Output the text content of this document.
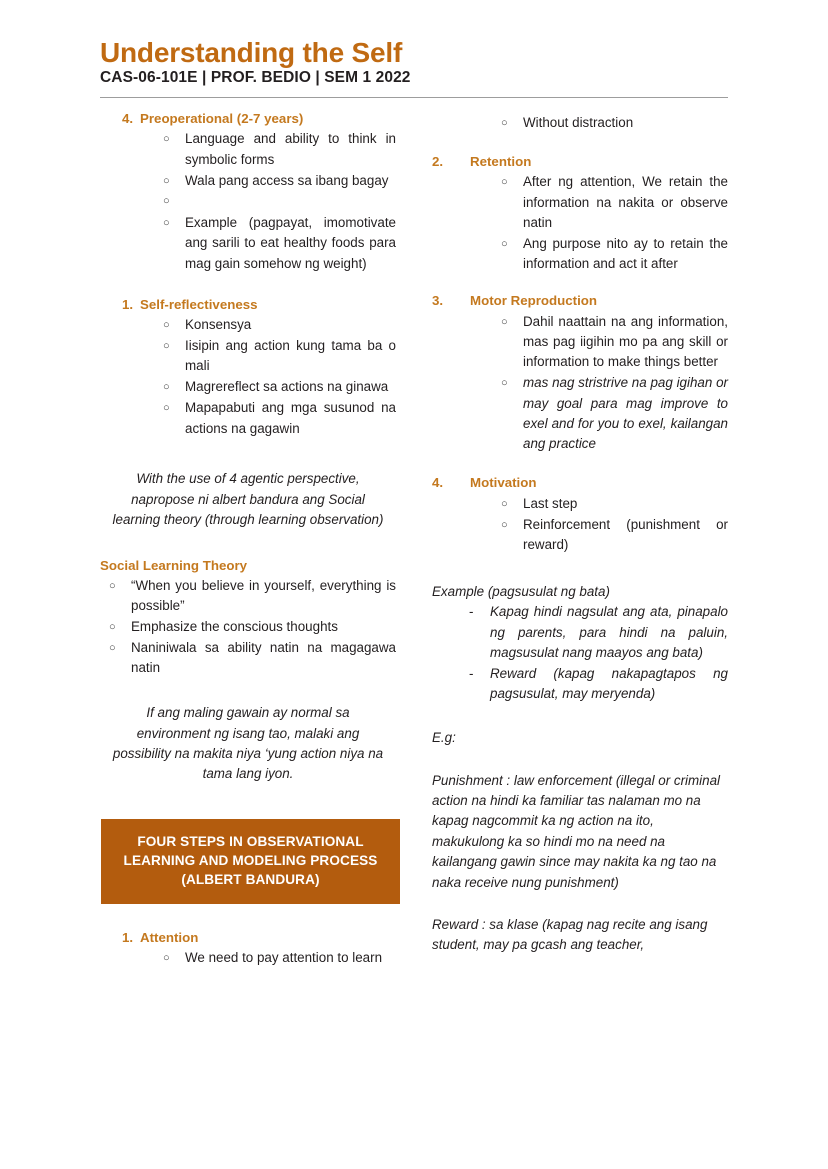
Understanding the Self
CAS-06-101E | PROF. BEDIO | SEM 1 2022
4. Preoperational (2-7 years)
○	Language and ability to think in symbolic forms
○	Wala pang access sa ibang bagay
○
○	Example (pagpayat, imomotivate ang sarili to eat healthy foods para mag gain somehow ng weight)
1. Self-reflectiveness
○	Konsensya
○	Iisipin ang action kung tama ba o mali
○	Magrereflect sa actions na ginawa
○	Mapapabuti ang mga susunod na actions na gagawin

With the use of 4 agentic perspective, napropose ni albert bandura ang Social learning theory (through learning observation)

Social Learning Theory
○	“When you believe in yourself, everything is possible”
○	Emphasize the conscious thoughts
○	Naniniwala sa ability natin na magagawa natin

If ang maling gawain ay normal sa environment ng isang tao, malaki ang possibility na makita niya ‘yung action niya na tama lang iyon.

FOUR STEPS IN OBSERVATIONAL LEARNING AND MODELING PROCESS (ALBERT BANDURA)
1. Attention
○	We need to pay attention to learn
○	Without distraction
2.	Retention
○	After ng attention, We retain the information na nakita or observe natin
○	Ang purpose nito ay to retain the information and act it after
3.	Motor Reproduction
○	Dahil naattain na ang information, mas pag iigihin mo pa ang skill or information to make things better
○	mas nag stristrive na pag igihan or may goal para mag improve to exel and for you to exel, kailangan ang practice
4.	Motivation
○	Last step
○	Reinforcement (punishment or reward)

Example (pagsusulat ng bata)

-	Kapag hindi nagsulat ang ata, pinapalo ng parents, para hindi na paluin, magsusulat nang maayos ang bata)
-	Reward (kapag nakapagtapos ng pagsusulat, may meryenda)

E.g:

Punishment : law enforcement (illegal or criminal action na hindi ka familiar tas nalaman mo na kapag nagcommit ka ng action na ito, makukulong ka so hindi mo na need na kailangang gawin since may nakita ka ng tao na naka receive nung punishment)

Reward : sa klase (kapag nag recite ang isang student, may pa gcash ang teacher,
